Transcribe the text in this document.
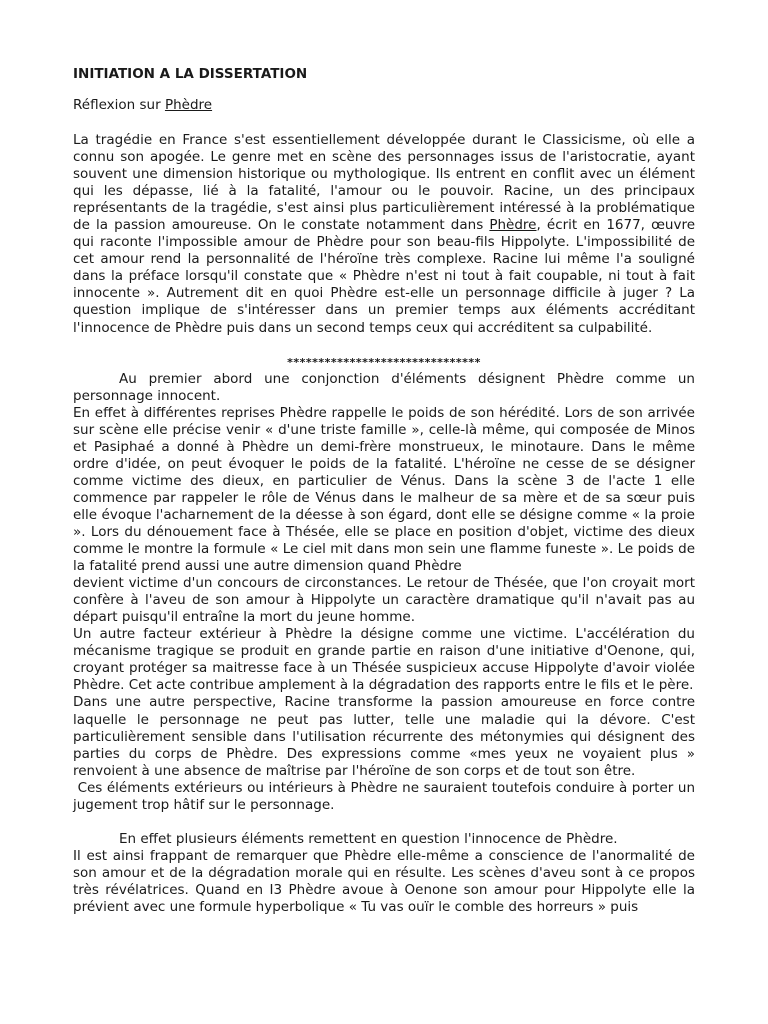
INITIATION A LA DISSERTATION

Réflexion sur Phèdre

La tragédie en France s'est essentiellement développée durant le Classicisme, où elle a connu son apogée. Le genre met en scène des personnages issus de l'aristocratie, ayant souvent une dimension historique ou mythologique. Ils entrent en conflit avec un élément qui les dépasse, lié à la fatalité, l'amour ou le pouvoir. Racine, un des principaux représentants de la tragédie, s'est ainsi plus particulièrement intéressé à la problématique de la passion amoureuse. On le constate notamment dans Phèdre, écrit en 1677, œuvre qui raconte l'impossible amour de Phèdre pour son beau-fils Hippolyte. L'impossibilité de cet amour rend la personnalité de l'héroïne très complexe. Racine lui même l'a souligné dans la préface lorsqu'il constate que « Phèdre n'est ni tout à fait coupable, ni tout à fait innocente ». Autrement dit en quoi Phèdre est-elle un personnage difficile à juger ? La question implique de s'intéresser dans un premier temps aux éléments accréditant l'innocence de Phèdre puis dans un second temps ceux qui accréditent sa culpabilité.

*******************************

Au premier abord une conjonction d'éléments désignent Phèdre comme un personnage innocent.

En effet à différentes reprises Phèdre rappelle le poids de son hérédité. Lors de son arrivée sur scène elle précise venir « d'une triste famille », celle-là même, qui composée de Minos et Pasiphaé a donné à Phèdre un demi-frère monstrueux, le minotaure. Dans le même ordre d'idée, on peut évoquer le poids de la fatalité. L'héroïne ne cesse de se désigner comme victime des dieux, en particulier de Vénus. Dans la scène 3 de l'acte 1 elle commence par rappeler le rôle de Vénus dans le malheur de sa mère et de sa sœur puis elle évoque l'acharnement de la déesse à son égard, dont elle se désigne comme « la proie ». Lors du dénouement face à Thésée, elle se place en position d'objet, victime des dieux comme le montre la formule « Le ciel mit dans mon sein une flamme funeste ». Le poids de la fatalité prend aussi une autre dimension quand Phèdre

devient victime d'un concours de circonstances. Le retour de Thésée, que l'on croyait mort confère à l'aveu de son amour à Hippolyte un caractère dramatique qu'il n'avait pas au départ puisqu'il entraîne la mort du jeune homme.

Un autre facteur extérieur à Phèdre la désigne comme une victime. L'accélération du mécanisme tragique se produit en grande partie en raison d'une initiative d'Oenone, qui, croyant protéger sa maitresse face à un Thésée suspicieux accuse Hippolyte d'avoir violée Phèdre. Cet acte contribue amplement à la dégradation des rapports entre le fils et le père.

Dans une autre perspective, Racine transforme la passion amoureuse en force contre laquelle le personnage ne peut pas lutter, telle une maladie qui la dévore. C'est particulièrement sensible dans l'utilisation récurrente des métonymies qui désignent des parties du corps de Phèdre. Des expressions comme «mes yeux ne voyaient plus » renvoient à une absence de maîtrise par l'héroïne de son corps et de tout son être.

Ces éléments extérieurs ou intérieurs à Phèdre ne sauraient toutefois conduire à porter un jugement trop hâtif sur le personnage.

En effet plusieurs éléments remettent en question l'innocence de Phèdre.

Il est ainsi frappant de remarquer que Phèdre elle-même a conscience de l'anormalité de son amour et de la dégradation morale qui en résulte. Les scènes d'aveu sont à ce propos très révélatrices. Quand en I3 Phèdre avoue à Oenone son amour pour Hippolyte elle la prévient avec une formule hyperbolique « Tu vas ouïr le comble des horreurs » puis
